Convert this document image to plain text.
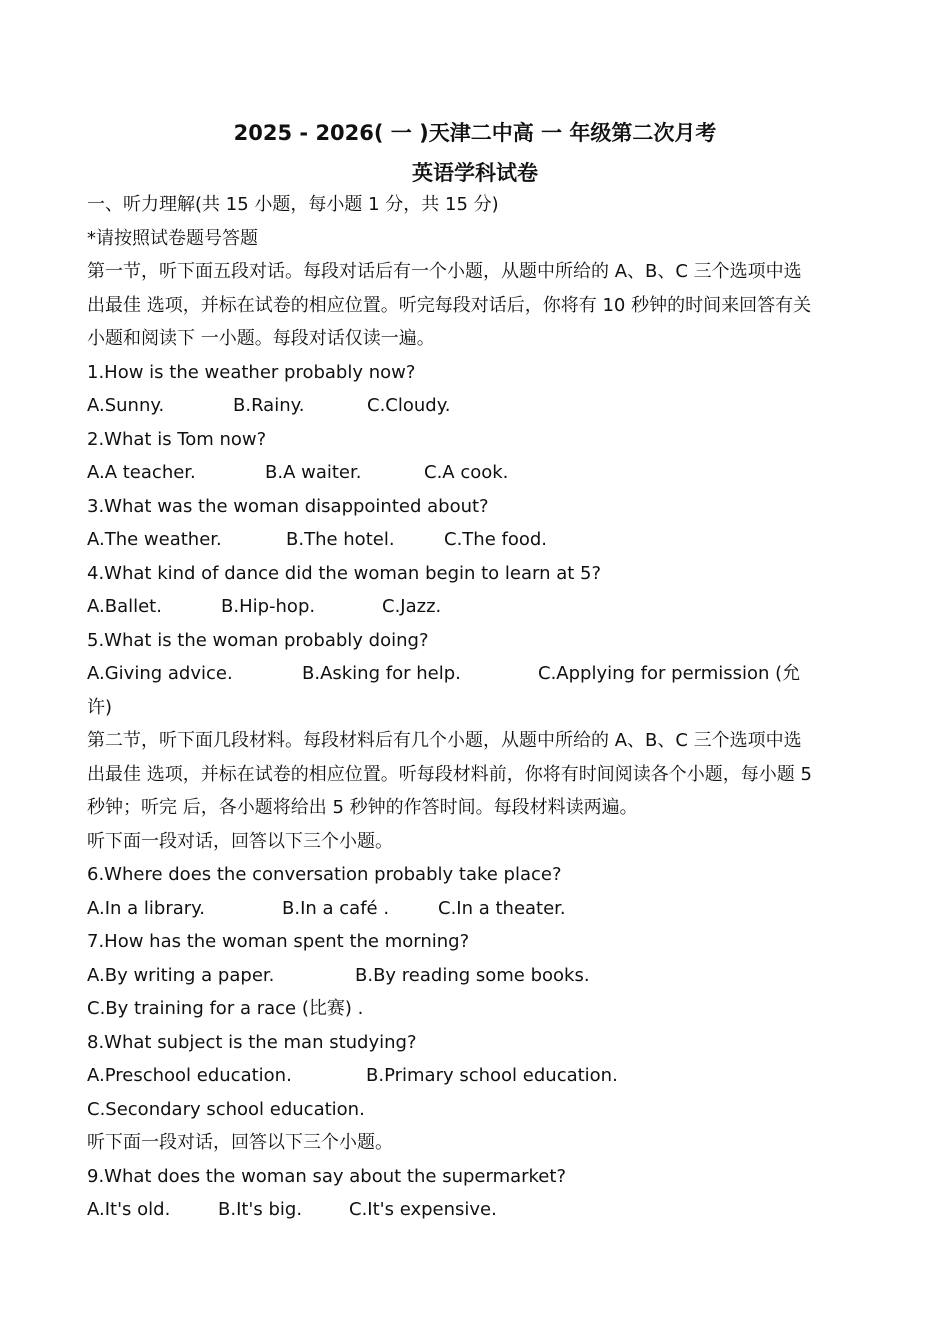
2025 - 2026( 一 )天津二中高 一 年级第二次月考
英语学科试卷
一、听力理解(共 15 小题，每小题 1 分，共 15 分)
*请按照试卷题号答题
第一节，听下面五段对话。每段对话后有一个小题，从题中所给的 A、B、C 三个选项中选
出最佳 选项，并标在试卷的相应位置。听完每段对话后，你将有 10 秒钟的时间来回答有关
小题和阅读下 一小题。每段对话仅读一遍。
1.How is the weather probably now?
A.Sunny.	B.Rainy.	C.Cloudy.
2.What is Tom now?
A.A teacher.	B.A waiter.	C.A cook.
3.What was the woman disappointed about?
A.The weather.	B.The hotel.	C.The food.
4.What kind of dance did the woman begin to learn at 5?
A.Ballet.	B.Hip-hop.	C.Jazz.
5.What is the woman probably doing?
A.Giving advice.	B.Asking for help.	C.Applying for permission (允
许)
第二节，听下面几段材料。每段材料后有几个小题，从题中所给的 A、B、C 三个选项中选
出最佳 选项，并标在试卷的相应位置。听每段材料前，你将有时间阅读各个小题，每小题 5
秒钟；听完 后，各小题将给出 5 秒钟的作答时间。每段材料读两遍。
听下面一段对话，回答以下三个小题。
6.Where does the conversation probably take place?
A.In a library.	B.In a café .	C.In a theater.
7.How has the woman spent the morning?
A.By writing a paper.	B.By reading some books.
C.By training for a race (比赛) .
8.What subject is the man studying?
A.Preschool education.	B.Primary school education.
C.Secondary school education.
听下面一段对话，回答以下三个小题。
9.What does the woman say about the supermarket?
A.It's old.	B.It's big.	C.It's expensive.
